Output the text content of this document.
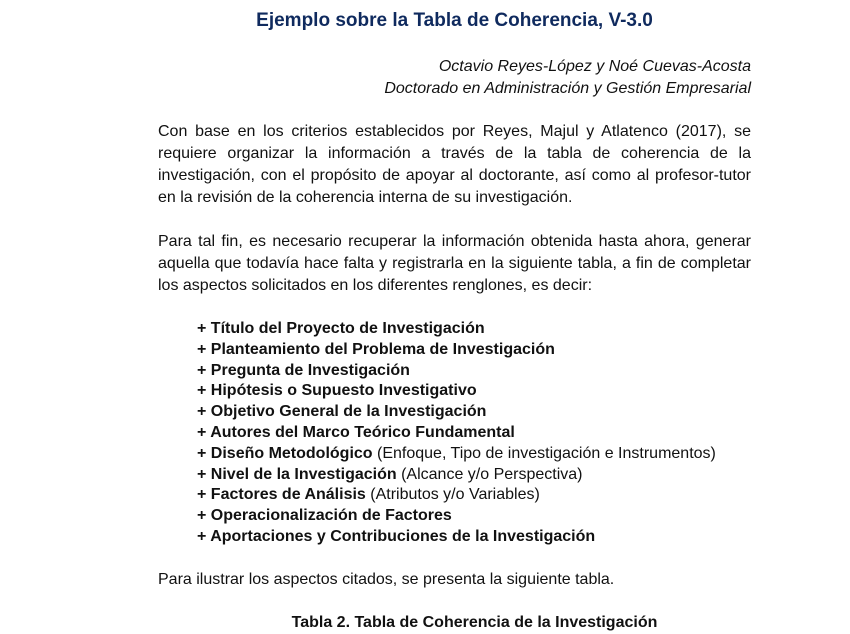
Ejemplo sobre la Tabla de Coherencia, V-3.0
Octavio Reyes-López y Noé Cuevas-Acosta
Doctorado en Administración y Gestión Empresarial

Con base en los criterios establecidos por Reyes, Majul y Atlatenco (2017), se requiere organizar la información a través de la tabla de coherencia de la investigación, con el propósito de apoyar al doctorante, así como al profesor-tutor en la revisión de la coherencia interna de su investigación.

Para tal fin, es necesario recuperar la información obtenida hasta ahora, generar aquella que todavía hace falta y registrarla en la siguiente tabla, a fin de completar los aspectos solicitados en los diferentes renglones, es decir:

+ Título del Proyecto de Investigación
+ Planteamiento del Problema de Investigación
+ Pregunta de Investigación
+ Hipótesis o Supuesto Investigativo
+ Objetivo General de la Investigación
+ Autores del Marco Teórico Fundamental
+ Diseño Metodológico (Enfoque, Tipo de investigación e Instrumentos)
+ Nivel de la Investigación (Alcance y/o Perspectiva)
+ Factores de Análisis (Atributos y/o Variables)
+ Operacionalización de Factores
+ Aportaciones y Contribuciones de la Investigación
Para ilustrar los aspectos citados, se presenta la siguiente tabla.
Tabla 2. Tabla de Coherencia de la Investigación
